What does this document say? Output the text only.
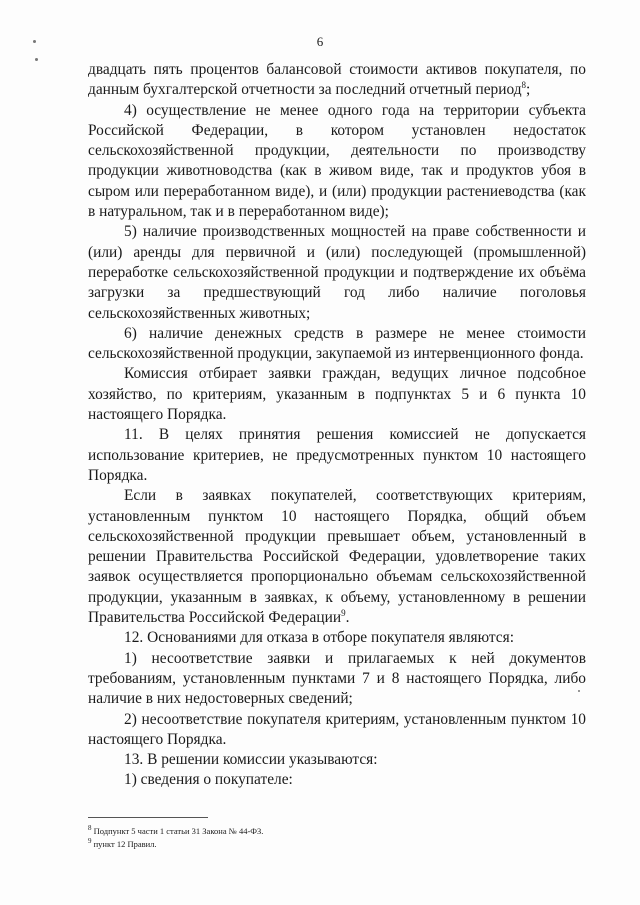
6

двадцать пять процентов балансовой стоимости активов покупателя, по данным бухгалтерской отчетности за последний отчетный период$^8$;

4) осуществление не менее одного года на территории субъекта Российской Федерации, в котором установлен недостаток сельскохозяйственной продукции, деятельности по производству продукции животноводства (как в живом виде, так и продуктов убоя в сыром или переработанном виде), и (или) продукции растениеводства (как в натуральном, так и в переработанном виде);

5) наличие производственных мощностей на праве собственности и (или) аренды для первичной и (или) последующей (промышленной) переработке сельскохозяйственной продукции и подтверждение их объёма загрузки за предшествующий год либо наличие поголовья сельскохозяйственных животных;

6) наличие денежных средств в размере не менее стоимости сельскохозяйственной продукции, закупаемой из интервенционного фонда.

Комиссия отбирает заявки граждан, ведущих личное подсобное хозяйство, по критериям, указанным в подпунктах 5 и 6 пункта 10 настоящего Порядка.

11. В целях принятия решения комиссией не допускается использование критериев, не предусмотренных пунктом 10 настоящего Порядка.

Если в заявках покупателей, соответствующих критериям, установленным пунктом 10 настоящего Порядка, общий объем сельскохозяйственной продукции превышает объем, установленный в решении Правительства Российской Федерации, удовлетворение таких заявок осуществляется пропорционально объемам сельскохозяйственной продукции, указанным в заявках, к объему, установленному в решении Правительства Российской Федерации$^9$.

12. Основаниями для отказа в отборе покупателя являются:

1) несоответствие заявки и прилагаемых к ней документов требованиям, установленным пунктами 7 и 8 настоящего Порядка, либо наличие в них недостоверных сведений;

2) несоответствие покупателя критериям, установленным пунктом 10 настоящего Порядка.

13. В решении комиссии указываются:

1) сведения о покупателе:

$^8$ Подпункт 5 части 1 статьи 31 Закона № 44-ФЗ.
$^9$ пункт 12 Правил.
